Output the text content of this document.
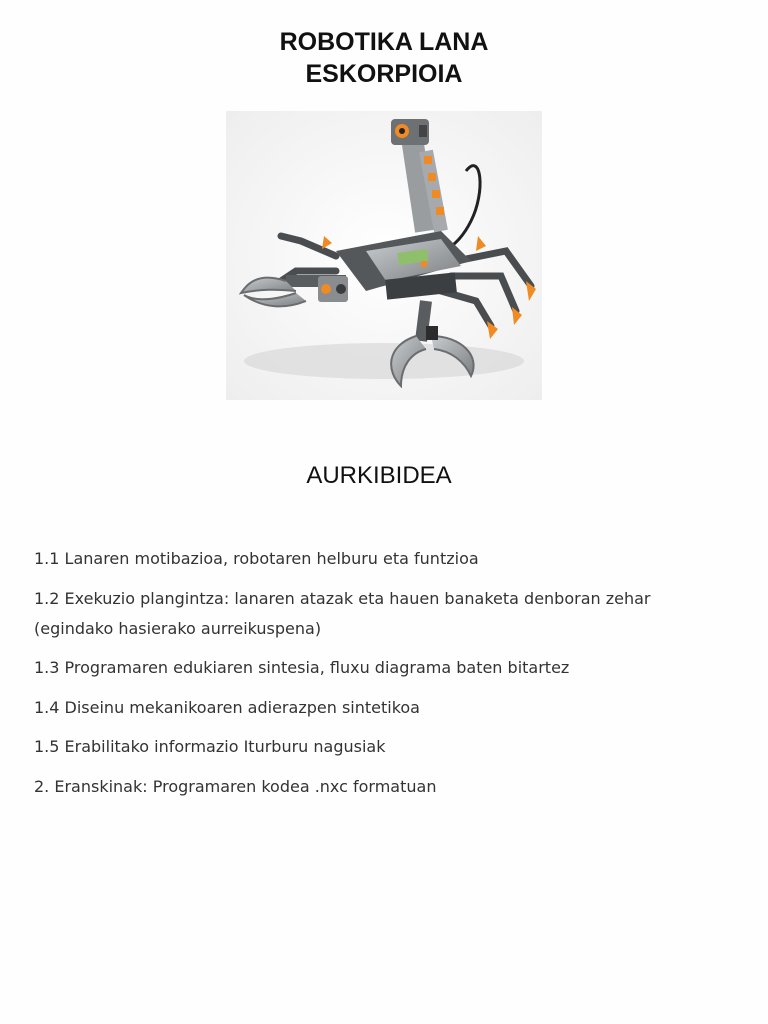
ROBOTIKA LANA
ESKORPIOIA
AURKIBIDEA
1.1 Lanaren motibazioa, robotaren helburu eta funtzioa
1.2 Exekuzio plangintza: lanaren atazak eta hauen banaketa denboran zehar (egindako hasierako aurreikuspena)
1.3 Programaren edukiaren sintesia, fluxu diagrama baten bitartez
1.4 Diseinu mekanikoaren adierazpen sintetikoa
1.5 Erabilitako informazio Iturburu nagusiak
2. Eranskinak: Programaren kodea .nxc formatuan
